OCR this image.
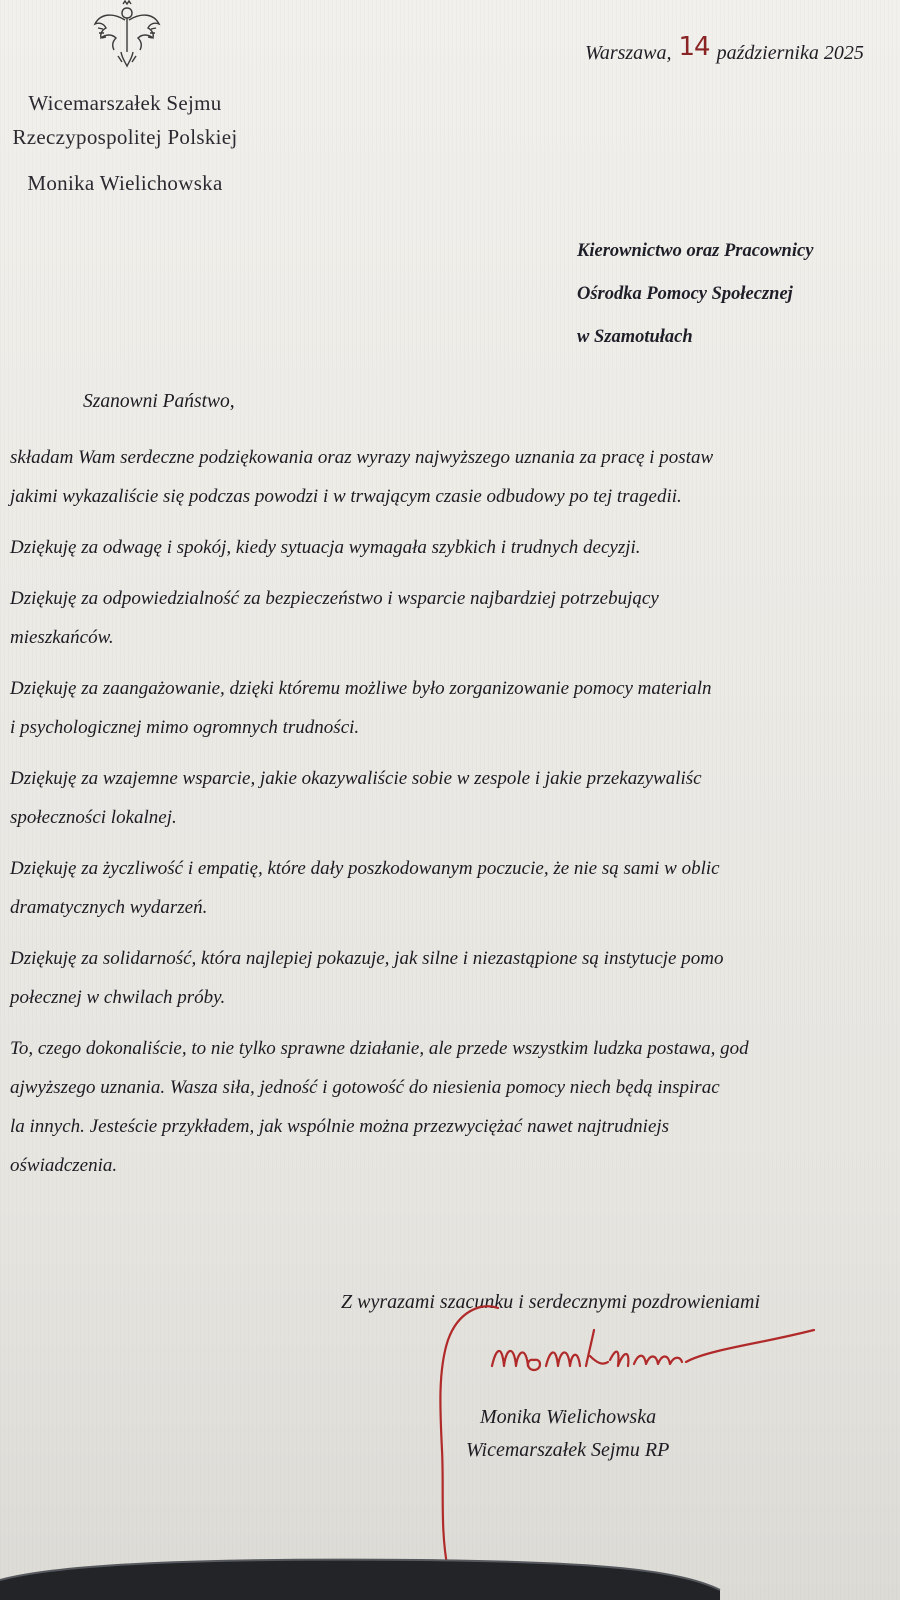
Wicemarszałek Sejmu
Rzeczypospolitej Polskiej
Monika Wielichowska
Warszawa, 14 października 2025
Kierownictwo oraz Pracownicy
Ośrodka Pomocy Społecznej
w Szamotułach
Szanowni Państwo,
składam Wam serdeczne podziękowania oraz wyrazy najwyższego uznania za pracę i postaw
jakimi wykazaliście się podczas powodzi i w trwającym czasie odbudowy po tej tragedii.
Dziękuję za odwagę i spokój, kiedy sytuacja wymagała szybkich i trudnych decyzji.
Dziękuję za odpowiedzialność za bezpieczeństwo i wsparcie najbardziej potrzebujący
mieszkańców.
Dziękuję za zaangażowanie, dzięki któremu możliwe było zorganizowanie pomocy materialn
i psychologicznej mimo ogromnych trudności.
Dziękuję za wzajemne wsparcie, jakie okazywaliście sobie w zespole i jakie przekazywaliśc
społeczności lokalnej.
Dziękuję za życzliwość i empatię, które dały poszkodowanym poczucie, że nie są sami w oblic
dramatycznych wydarzeń.
Dziękuję za solidarność, która najlepiej pokazuje, jak silne i niezastąpione są instytucje pomo
połecznej w chwilach próby.
To, czego dokonaliście, to nie tylko sprawne działanie, ale przede wszystkim ludzka postawa, god
ajwyższego uznania. Wasza siła, jedność i gotowość do niesienia pomocy niech będą inspirac
la innych. Jesteście przykładem, jak wspólnie można przezwyciężać nawet najtrudniejs
oświadczenia.
Z wyrazami szacunku i serdecznymi pozdrowieniami
Monika Wielichowska
Wicemarszałek Sejmu RP
